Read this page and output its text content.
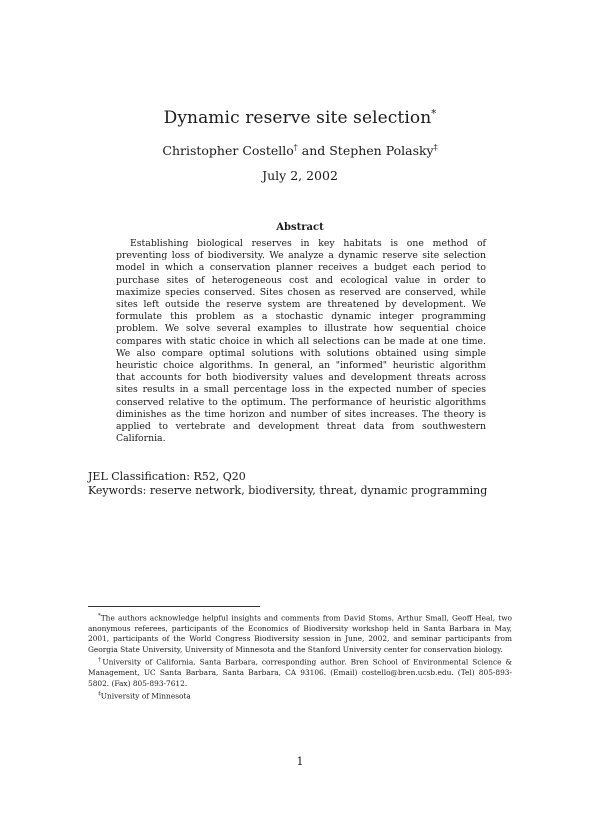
Dynamic reserve site selection*
Christopher Costello† and Stephen Polasky‡
July 2, 2002
Abstract

Establishing biological reserves in key habitats is one method of preventing loss of biodiversity. We analyze a dynamic reserve site selection model in which a conservation planner receives a budget each period to purchase sites of heterogeneous cost and ecological value in order to maximize species conserved. Sites chosen as reserved are conserved, while sites left outside the reserve system are threatened by development. We formulate this problem as a stochastic dynamic integer programming problem. We solve several examples to illustrate how sequential choice compares with static choice in which all selections can be made at one time. We also compare optimal solutions with solutions obtained using simple heuristic choice algorithms. In general, an "informed" heuristic algorithm that accounts for both biodiversity values and development threats across sites results in a small percentage loss in the expected number of species conserved relative to the optimum. The performance of heuristic algorithms diminishes as the time horizon and number of sites increases. The theory is applied to vertebrate and development threat data from southwestern California.

JEL Classification: R52, Q20
Keywords: reserve network, biodiversity, threat, dynamic programming

*The authors acknowledge helpful insights and comments from David Stoms, Arthur Small, Geoff Heal, two anonymous referees, participants of the Economics of Biodiversity workshop held in Santa Barbara in May, 2001, participants of the World Congress Biodiversity session in June, 2002, and seminar participants from Georgia State University, University of Minnesota and the Stanford University center for conservation biology.

†University of California, Santa Barbara, corresponding author. Bren School of Environmental Science & Management, UC Santa Barbara, Santa Barbara, CA 93106. (Email) costello@bren.ucsb.edu. (Tel) 805-893-5802. (Fax) 805-893-7612.

‡University of Minnesota

1
